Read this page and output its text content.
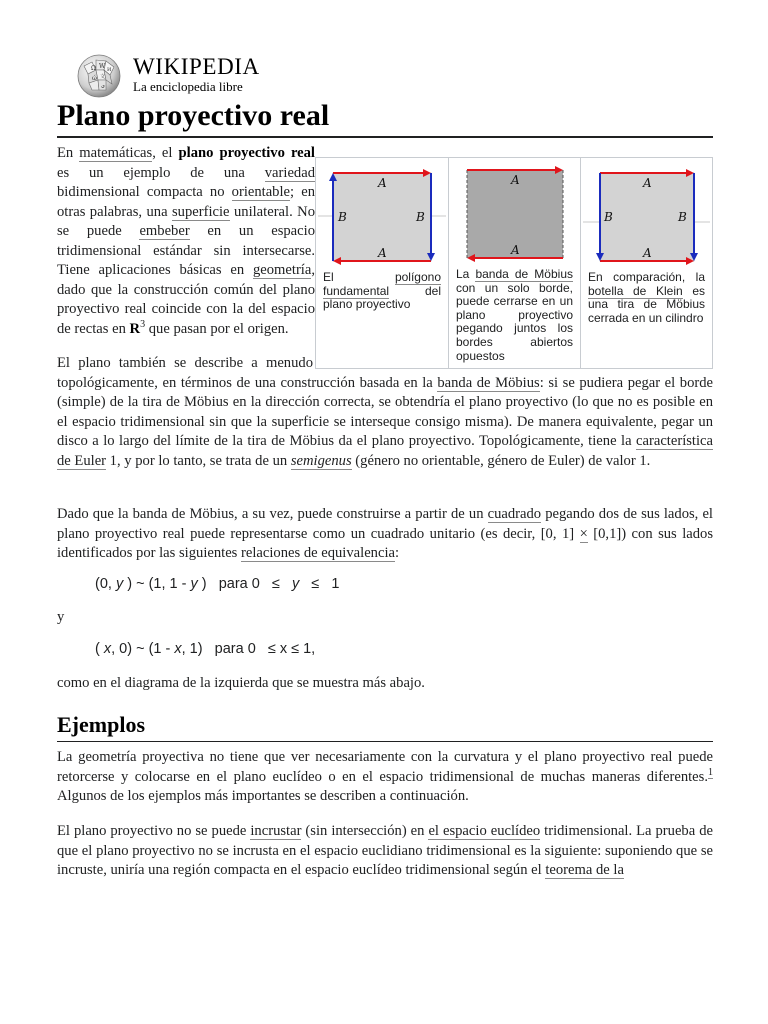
Ω W И
ώ 文
ي
WIKIPEDIA
La enciclopedia libre
Plano proyectivo real

En matemáticas, el plano proyectivo real es un ejemplo de una variedad bidimensional compacta no orientable; en otras palabras, una superficie unilateral. No se puede embeber en un espacio tridimensional estándar sin intersecarse. Tiene aplicaciones básicas en geometría, dado que la construcción común del plano proyectivo real coincide con la del espacio de rectas en $R^3$ que pasan por el origen.

A
A
B	B
El polígono fundamental del plano proyectivo
A
A
La banda de Möbius con un solo borde, puede cerrarse en un plano proyectivo pegando juntos los bordes abiertos opuestos
A
A
B	B
En comparación, la botella de Klein es una tira de Möbius cerrada en un cilindro

El plano también se describe a menudo topológicamente, en términos de una construcción basada en la banda de Möbius: si se pudiera pegar el borde (simple) de la tira de Möbius en la dirección correcta, se obtendría el plano proyectivo (lo que no es posible en el espacio tridimensional sin que la superficie se interseque consigo misma). De manera equivalente, pegar un disco a lo largo del límite de la tira de Möbius da el plano proyectivo. Topológicamente, tiene la característica de Euler 1, y por lo tanto, se trata de un semigenus (género no orientable, género de Euler) de valor 1.

Dado que la banda de Möbius, a su vez, puede construirse a partir de un cuadrado pegando dos de sus lados, el plano proyectivo real puede representarse como un cuadrado unitario (es decir, [0, 1] × [0,1]) con sus lados identificados por las siguientes relaciones de equivalencia:

(0, y ) ~ (1, 1 - y )   para 0   ≤   y   ≤   1

y

( x, 0) ~ (1 - x, 1)   para 0   ≤ x ≤ 1,

como en el diagrama de la izquierda que se muestra más abajo.

Ejemplos

La geometría proyectiva no tiene que ver necesariamente con la curvatura y el plano proyectivo real puede retorcerse y colocarse en el plano euclídeo o en el espacio tridimensional de muchas maneras diferentes.$^1$ Algunos de los ejemplos más importantes se describen a continuación.

El plano proyectivo no se puede incrustar (sin intersección) en el espacio euclídeo tridimensional. La prueba de que el plano proyectivo no se incrusta en el espacio euclidiano tridimensional es la siguiente: suponiendo que se incruste, uniría una región compacta en el espacio euclídeo tridimensional según el teorema de la
